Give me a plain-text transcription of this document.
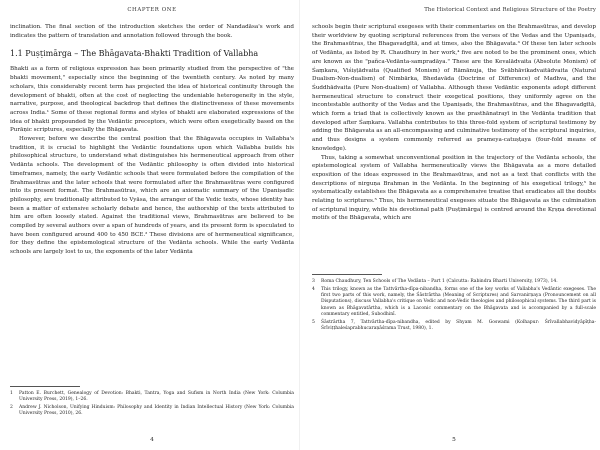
CHAPTER ONE

inclination. The final section of the introduction sketches the order of Nandadāsa's work and indicates the pattern of translation and annotation followed through the book.

1.1 Puṣṭimārga – The Bhāgavata-Bhakti Tradition of Vallabha

Bhakti as a form of religious expression has been primarily studied from the perspective of "the bhakti movement," especially since the beginning of the twentieth century. As noted by many scholars, this considerably recent term has projected the idea of historical continuity through the development of bhakti, often at the cost of neglecting the undeniable heterogeneity in the style, narrative, purpose, and theological backdrop that defines the distinctiveness of these movements across India.¹ Some of these regional forms and styles of bhakti are elaborated expressions of the idea of bhakti propounded by the Vedāntic preceptors, which were often exegetically based on the Purāṇic scriptures, especially the Bhāgavata.

However, before we describe the central position that the Bhāgavata occupies in Vallabha's tradition, it is crucial to highlight the Vedāntic foundations upon which Vallabha builds his philosophical structure, to understand what distinguishes his hermeneutical approach from other Vedānta schools. The development of the Vedāntic philosophy is often divided into historical timeframes, namely, the early Vedāntic schools that were formulated before the compilation of the Brahmasūtras and the later schools that were formulated after the Brahmasūtras were configured into its present format. The Brahmasūtras, which are an axiomatic summary of the Upaniṣadic philosophy, are traditionally attributed to Vyāsa, the arranger of the Vedic texts, whose identity has been a matter of extensive scholarly debate and hence, the authorship of the texts attributed to him are often loosely stated. Against the traditional views, Brahmasūtras are believed to be compiled by several authors over a span of hundreds of years, and its present form is speculated to have been configured around 400 to 450 BCE.² These divisions are of hermeneutical significance, for they define the epistemological structure of the Vedānta schools. While the early Vedānta schools are largely lost to us, the exponents of the later Vedānta

1	Patton E. Burchett, Genealogy of Devotion: Bhakti, Tantra, Yoga and Sufism in North India (New York: Columbia University Press, 2019), 1–26.
2	Andrew J. Nicholson, Unifying Hinduism: Philosophy and Identity in Indian Intellectual History (New York: Columbia University Press, 2010), 26.
4
The Historical Context and Religious Structure of the Poetry

schools begin their scriptural exegeses with their commentaries on the Brahmasūtras, and develop their worldview by quoting scriptural references from the verses of the Vedas and the Upaniṣads, the Brahmasūtras, the Bhagavadgītā, and at times, also the Bhāgavata.³ Of these ten later schools of Vedānta, as listed by R. Chaudhury in her work,⁴ five are noted to be the prominent ones, which are known as the "pañca-Vedānta-sampradāya." These are the Kevalādvaita (Absolute Monism) of Śaṃkara, Viśiṣṭādvaita (Qualified Monism) of Rāmānuja, the Svābhāvikadvaitādvaita (Natural Dualism-Non-dualism) of Nimbārka, Bhedavāda (Doctrine of Difference) of Madhva, and the Śuddhādvaita (Pure Non-dualism) of Vallabha. Although these Vedāntic exponents adopt different hermeneutical structure to construct their exegetical positions, they uniformly agree on the incontestable authority of the Vedas and the Upaniṣads, the Brahmasūtras, and the Bhagavadgītā, which form a triad that is collectively known as the prasthānatrayī in the Vedānta tradition that developed after Śaṃkara. Vallabha contributes to this three-fold system of scriptural testimony by adding the Bhāgavata as an all-encompassing and culminative testimony of the scriptural inquiries, and thus designs a system commonly referred as prameya-catuṣṭaya (four-fold means of knowledge).

Thus, taking a somewhat unconventional position in the trajectory of the Vedānta schools, the epistemological system of Vallabha hermeneutically views the Bhāgavata as a more detailed exposition of the ideas expressed in the Brahmasūtras, and not as a text that conflicts with the descriptions of nirguṇa Brahman in the Vedānta. In the beginning of his exegetical trilogy,⁵ he systematically establishes the Bhāgavata as a comprehensive treatise that eradicates all the doubts relating to scriptures.⁵ Thus, his hermeneutical exegeses situate the Bhāgavata as the culmination of scriptural inquiry, while his devotional path (Puṣṭimārga) is centred around the Kṛṣṇa devotional motifs of the Bhāgavata, which are

3	Roma Chaudhury, Ten Schools of The Vedānta – Part 1 (Calcutta: Rabindra Bharti University, 1973), 14.
4	This trilogy, known as the Tattvārtha-dīpa-nibandha, forms one of the key works of Vallabha's Vedāntic exegeses. The first two parts of this work, namely, the Śāstrārtha (Meaning of Scriptures) and Sarvanirṇaya (Pronouncement on all Disputations), discuss Vallabha's critique on Vedic and non-Vedic theologies and philosophical systems. The third part is known as Bhāgavatārtha, which is a Laconic commentary on the Bhāgavata and is accompanied by a full-scale commentary entitled, Subodhinī.
5	Śāstrārtha 7, Tattvārtha-dīpa-nibandha, edited by Shyam M. Goswami (Kolhapur: Śrīvallabhavidyāpīṭha-Śrīviṭṭhaleśaprabhucaraṇāśrama Trust, 1980), 1.
5
